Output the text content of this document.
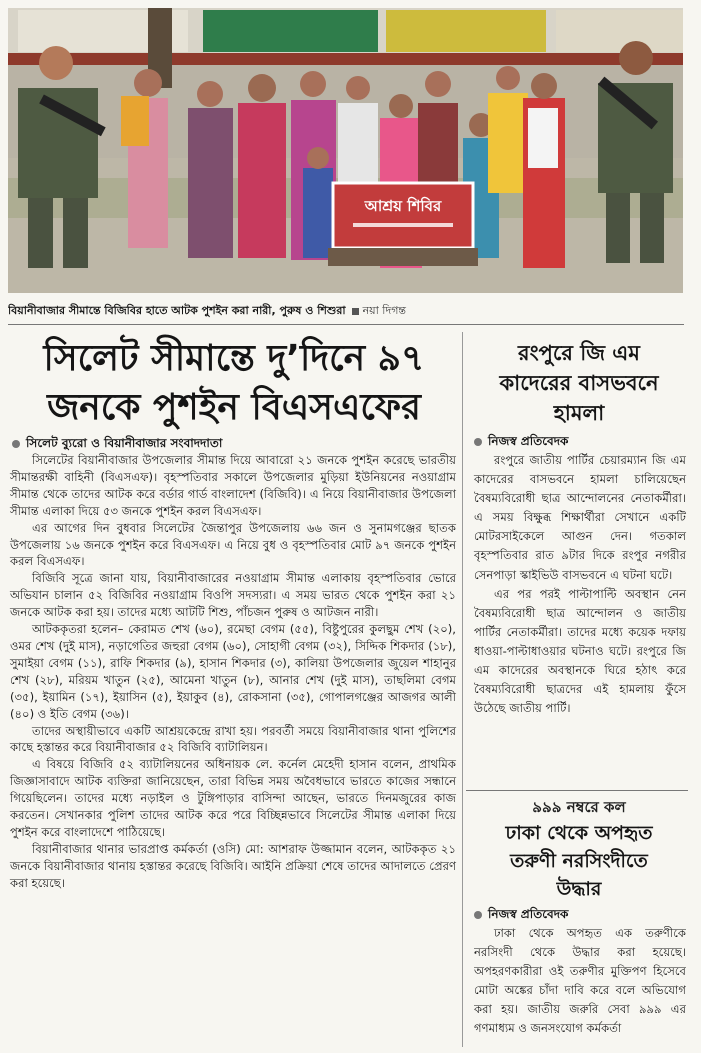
আশ্রয় শিবির
বিয়ানীবাজার সীমান্তে বিজিবির হাতে আটক পুশইন করা নারী, পুরুষ ও শিশুরা নয়া দিগন্ত
সিলেট সীমান্তে দু’দিনে ৯৭
জনকে পুশইন বিএসএফের

সিলেট ব্যুরো ও বিয়ানীবাজার সংবাদদাতা

সিলেটের বিয়ানীবাজার উপজেলার সীমান্ত দিয়ে আবারো ২১ জনকে পুশইন করেছে ভারতীয় সীমান্তরক্ষী বাহিনী (বিএসএফ)। বৃহস্পতিবার সকালে উপজেলার মুড়িয়া ইউনিয়নের নওয়াগ্রাম সীমান্ত থেকে তাদের আটক করে বর্ডার গার্ড বাংলাদেশ (বিজিবি)। এ নিয়ে বিয়ানীবাজার উপজেলা সীমান্ত এলাকা দিয়ে ৫৩ জনকে পুশইন করল বিএসএফ।

এর আগের দিন বুধবার সিলেটের জৈন্তাপুর উপজেলায় ৬৬ জন ও সুনামগঞ্জের ছাতক উপজেলায় ১৬ জনকে পুশইন করে বিএসএফ। এ নিয়ে বুধ ও বৃহস্পতিবার মোট ৯৭ জনকে পুশইন করল বিএসএফ।

বিজিবি সূত্রে জানা যায়, বিয়ানীবাজারের নওয়াগ্রাম সীমান্ত এলাকায় বৃহস্পতিবার ভোরে অভিযান চালান ৫২ বিজিবির নওয়াগ্রাম বিওপি সদস্যরা। এ সময় ভারত থেকে পুশইন করা ২১ জনকে আটক করা হয়। তাদের মধ্যে আটটি শিশু, পাঁচজন পুরুষ ও আটজন নারী।

আটককৃতরা হলেন– কেরামত শেখ (৬০), রমেছা বেগম (৫৫), বিষ্টুপুরের কুলছুম শেখ (২০), ওমর শেখ (দুই মাস), নড়াগেতির জহুরা বেগম (৬০), সোহাগী বেগম (৩২), সিদ্দিক শিকদার (১৮), সুমাইয়া বেগম (১১), রাফি শিকদার (৯), হাসান শিকদার (৩), কালিয়া উপজেলার জুয়েল শাহানুর শেখ (২৮), মরিয়ম খাতুন (২৫), আমেনা খাতুন (৮), আনার শেখ (দুই মাস), তাছলিমা বেগম (৩৫), ইয়ামিন (১৭), ইয়াসিন (৫), ইয়াকুব (৪), রোকসানা (৩৫), গোপালগঞ্জের আজগর আলী (৪০) ও ইতি বেগম (৩৬)।

তাদের অস্থায়ীভাবে একটি আশ্রয়কেন্দ্রে রাখা হয়। পরবর্তী সময়ে বিয়ানীবাজার থানা পুলিশের কাছে হস্তান্তর করে বিয়ানীবাজার ৫২ বিজিবি ব্যাটালিয়ন।

এ বিষয়ে বিজিবি ৫২ ব্যাটালিয়নের অধিনায়ক লে. কর্নেল মেহেদী হাসান বলেন, প্রাথমিক জিজ্ঞাসাবাদে আটক ব্যক্তিরা জানিয়েছেন, তারা বিভিন্ন সময় অবৈধভাবে ভারতে কাজের সন্ধানে গিয়েছিলেন। তাদের মধ্যে নড়াইল ও টুঙ্গিপাড়ার বাসিন্দা আছেন, ভারতে দিনমজুরের কাজ করতেন। সেখানকার পুলিশ তাদের আটক করে পরে বিচ্ছিন্নভাবে সিলেটের সীমান্ত এলাকা দিয়ে পুশইন করে বাংলাদেশে পাঠিয়েছে।

বিয়ানীবাজার থানার ভারপ্রাপ্ত কর্মকর্তা (ওসি) মো: আশরাফ উজ্জামান বলেন, আটককৃত ২১ জনকে বিয়ানীবাজার থানায় হস্তান্তর করেছে বিজিবি। আইনি প্রক্রিয়া শেষে তাদের আদালতে প্রেরণ করা হয়েছে।

রংপুরে জি এম
কাদেরের বাসভবনে
হামলা

নিজস্ব প্রতিবেদক

রংপুরে জাতীয় পার্টির চেয়ারম্যান জি এম কাদেরের বাসভবনে হামলা চালিয়েছেন বৈষম্যবিরোধী ছাত্র আন্দোলনের নেতাকর্মীরা। এ সময় বিক্ষুব্ধ শিক্ষার্থীরা সেখানে একটি মোটরসাইকেলে আগুন দেন। গতকাল বৃহস্পতিবার রাত ৯টার দিকে রংপুর নগরীর সেনপাড়া স্কাইভিউ বাসভবনে এ ঘটনা ঘটে।

এর পর পরই পাল্টাপাল্টি অবস্থান নেন বৈষম্যবিরোধী ছাত্র আন্দোলন ও জাতীয় পার্টির নেতাকর্মীরা। তাদের মধ্যে কয়েক দফায় ধাওয়া-পাল্টাধাওয়ার ঘটনাও ঘটে। রংপুরে জি এম কাদেরের অবস্থানকে ঘিরে হঠাৎ করে বৈষম্যবিরোধী ছাত্রদের এই হামলায় ফুঁসে উঠেছে জাতীয় পার্টি।

৯৯৯ নম্বরে কল

ঢাকা থেকে অপহৃত
তরুণী নরসিংদীতে
উদ্ধার

নিজস্ব প্রতিবেদক

ঢাকা থেকে অপহৃত এক তরুণীকে নরসিংদী থেকে উদ্ধার করা হয়েছে। অপহরণকারীরা ওই তরুণীর মুক্তিপণ হিসেবে মোটা অঙ্কের চাঁদা দাবি করে বলে অভিযোগ করা হয়। জাতীয় জরুরি সেবা ৯৯৯ এর গণমাধ্যম ও জনসংযোগ কর্মকর্তা
